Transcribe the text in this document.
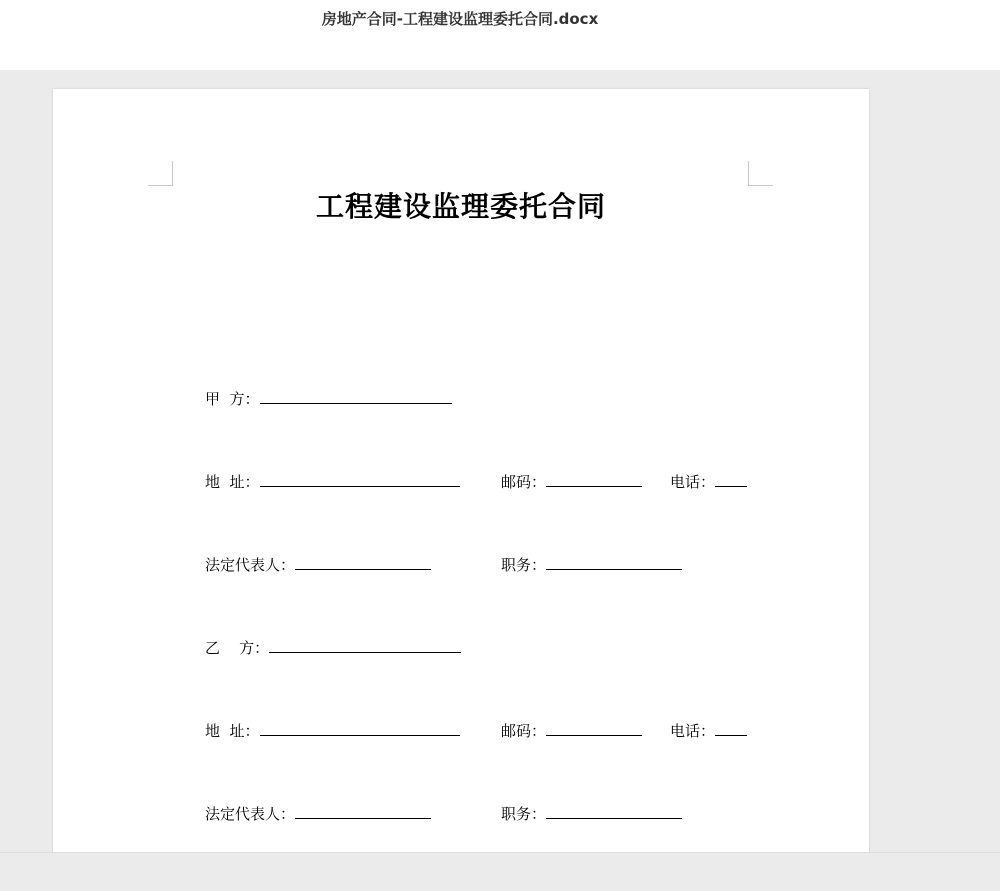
房地产合同-工程建设监理委托合同.docx
工程建设监理委托合同
甲  方：
地  址：	邮码：	电话：
法定代表人：	职务：
乙    方：
地  址：	邮码：	电话：
法定代表人：	职务：
